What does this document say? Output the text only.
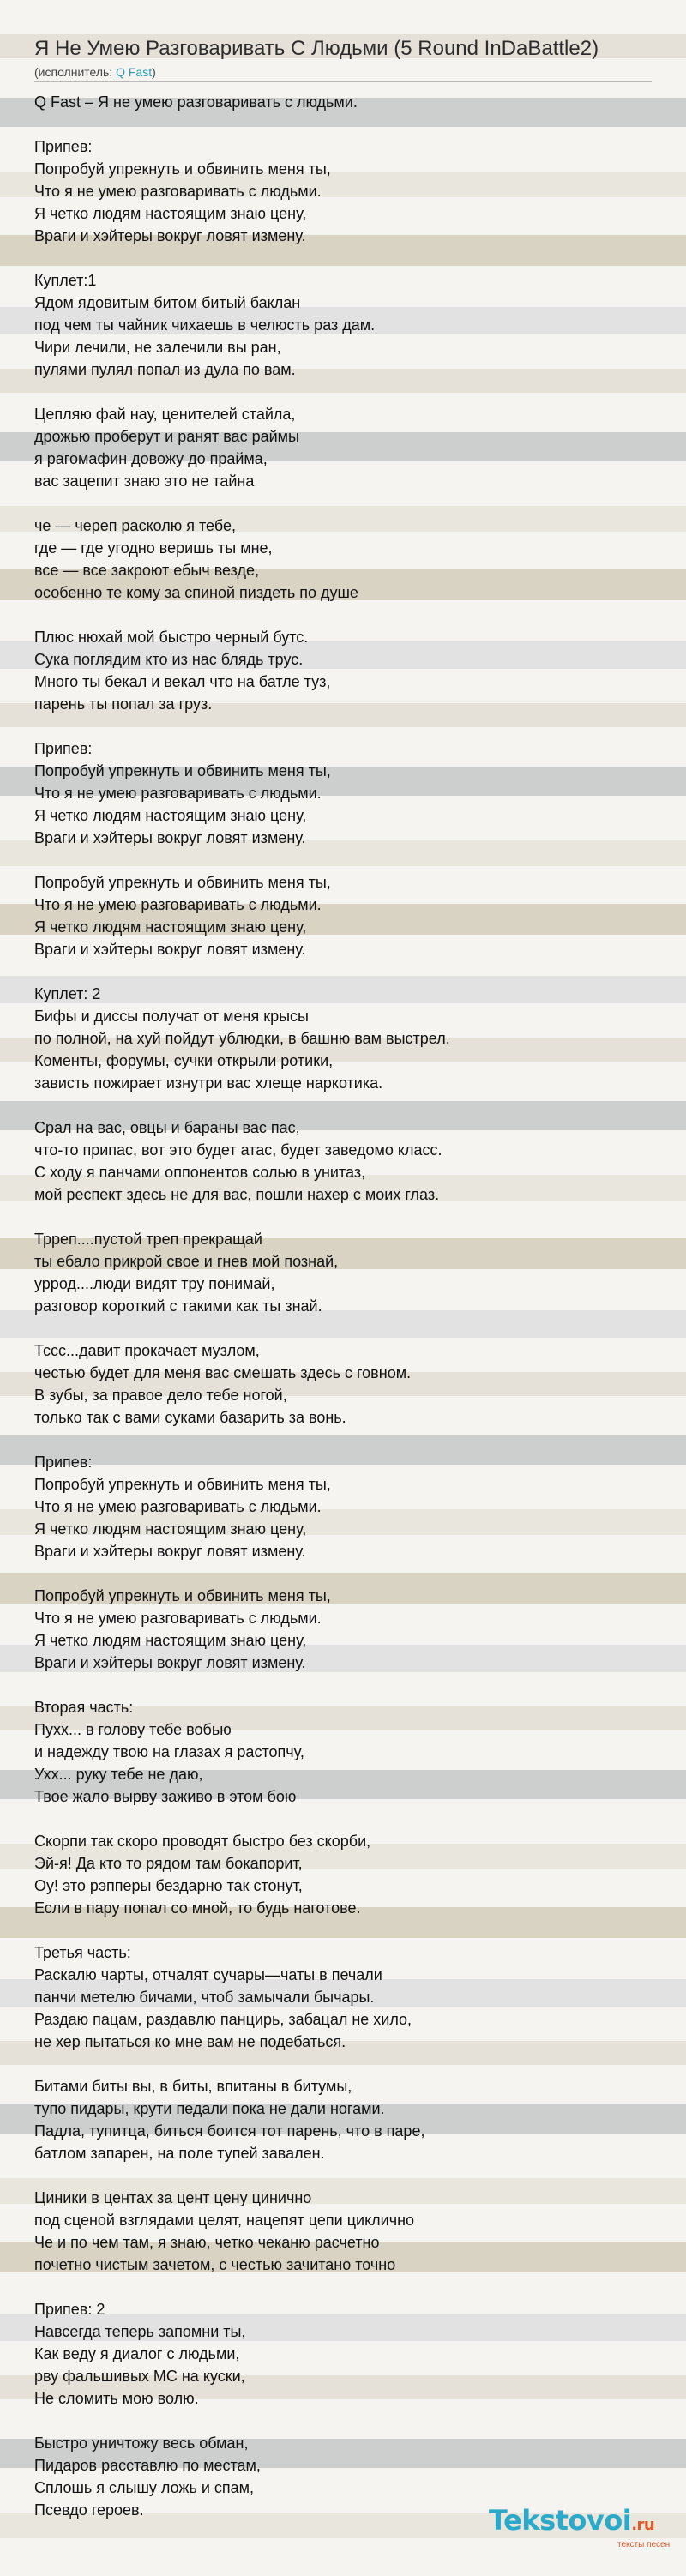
Я Не Умею Разговаривать С Людьми (5 Round InDaBattle2)
(исполнитель: Q Fast)
Q Fast – Я не умею разговаривать с людьми.

Припев:
Попробуй упрекнуть и обвинить меня ты,
Что я не умею разговаривать с людьми.
Я четко людям настоящим знаю цену,
Враги и хэйтеры вокруг ловят измену.

Куплет:1
Ядом ядовитым битом битый баклан
под чем ты чайник чихаешь в челюсть раз дам.
Чири лечили, не залечили вы ран,
пулями пулял попал из дула по вам.

Цепляю фай нау, ценителей стайла,
дрожью проберут и ранят вас раймы
я рагомафин довожу до прайма,
вас зацепит знаю это не тайна

че — череп расколю я тебе,
где — где угодно веришь ты мне,
все — все закроют ебыч везде,
особенно те кому за спиной пиздеть по душе

Плюс нюхай мой быстро черный бутс.
Сука поглядим кто из нас блядь трус.
Много ты бекал и векал что на батле туз,
парень ты попал за груз.

Припев:
Попробуй упрекнуть и обвинить меня ты,
Что я не умею разговаривать с людьми.
Я четко людям настоящим знаю цену,
Враги и хэйтеры вокруг ловят измену.

Попробуй упрекнуть и обвинить меня ты,
Что я не умею разговаривать с людьми.
Я четко людям настоящим знаю цену,
Враги и хэйтеры вокруг ловят измену.

Куплет: 2
Бифы и диссы получат от меня крысы
по полной, на хуй пойдут ублюдки, в башню вам выстрел.
Коменты, форумы, сучки открыли ротики,
зависть пожирает изнутри вас хлеще наркотика.

Срал на вас, овцы и бараны вас пас,
что-то припас, вот это будет атас, будет заведомо класс.
С ходу я панчами оппонентов солью в унитаз,
мой респект здесь не для вас, пошли нахер с моих глаз.

Тррeп....пустой треп прекращай
ты ебало прикрой свое и гнев мой познай,
уррод....люди видят тру понимай,
разговор короткий с такими как ты знай.

Тссс...давит прокачает музлом,
честью будет для меня вас смешать здесь с говном.
В зубы, за правое дело тебе ногой,
только так с вами суками базарить за вонь.

Припев:
Попробуй упрекнуть и обвинить меня ты,
Что я не умею разговаривать с людьми.
Я четко людям настоящим знаю цену,
Враги и хэйтеры вокруг ловят измену.

Попробуй упрекнуть и обвинить меня ты,
Что я не умею разговаривать с людьми.
Я четко людям настоящим знаю цену,
Враги и хэйтеры вокруг ловят измену.

Вторая часть:
Пухх... в голову тебе вобью
и надежду твою на глазах я растопчу,
Ухх... руку тебе не даю,
Твое жало вырву заживо в этом бою

Скорпи так скоро проводят быстро без скорби,
Эй-я! Да кто то рядом там бокапорит,
Оу! это рэпперы бездарно так стонут,
Если в пару попал со мной, то будь наготове.

Третья часть:
Раскалю чарты, отчалят сучары—чаты в печали
панчи метелю бичами, чтоб замычали бычары.
Раздаю пацам, раздавлю панцирь, забацал не хило,
не хер пытаться ко мне вам не подебаться.

Битами биты вы, в биты, впитаны в битумы,
тупо пидары, крути педали пока не дали ногами.
Падла, тупитца, биться боится тот парень, что в паре,
батлом запарен, на поле тупей завален.

Циники в центах за цент цену цинично
под сценой взглядами целят, нацепят цепи циклично
Че и по чем там, я знаю, четко чеканю расчетно
почетно чистым зачетом, с честью зачитано точно

Припев: 2
Навсегда теперь запомни ты,
Как веду я диалог с людьми,
рву фальшивых МС на куски,
Не сломить мою волю.

Быстро уничтожу весь обман,
Пидаров расставлю по местам,
Сплошь я слышу ложь и спам,
Псевдо героев.	Tekstovoi.ru
тексты песен
